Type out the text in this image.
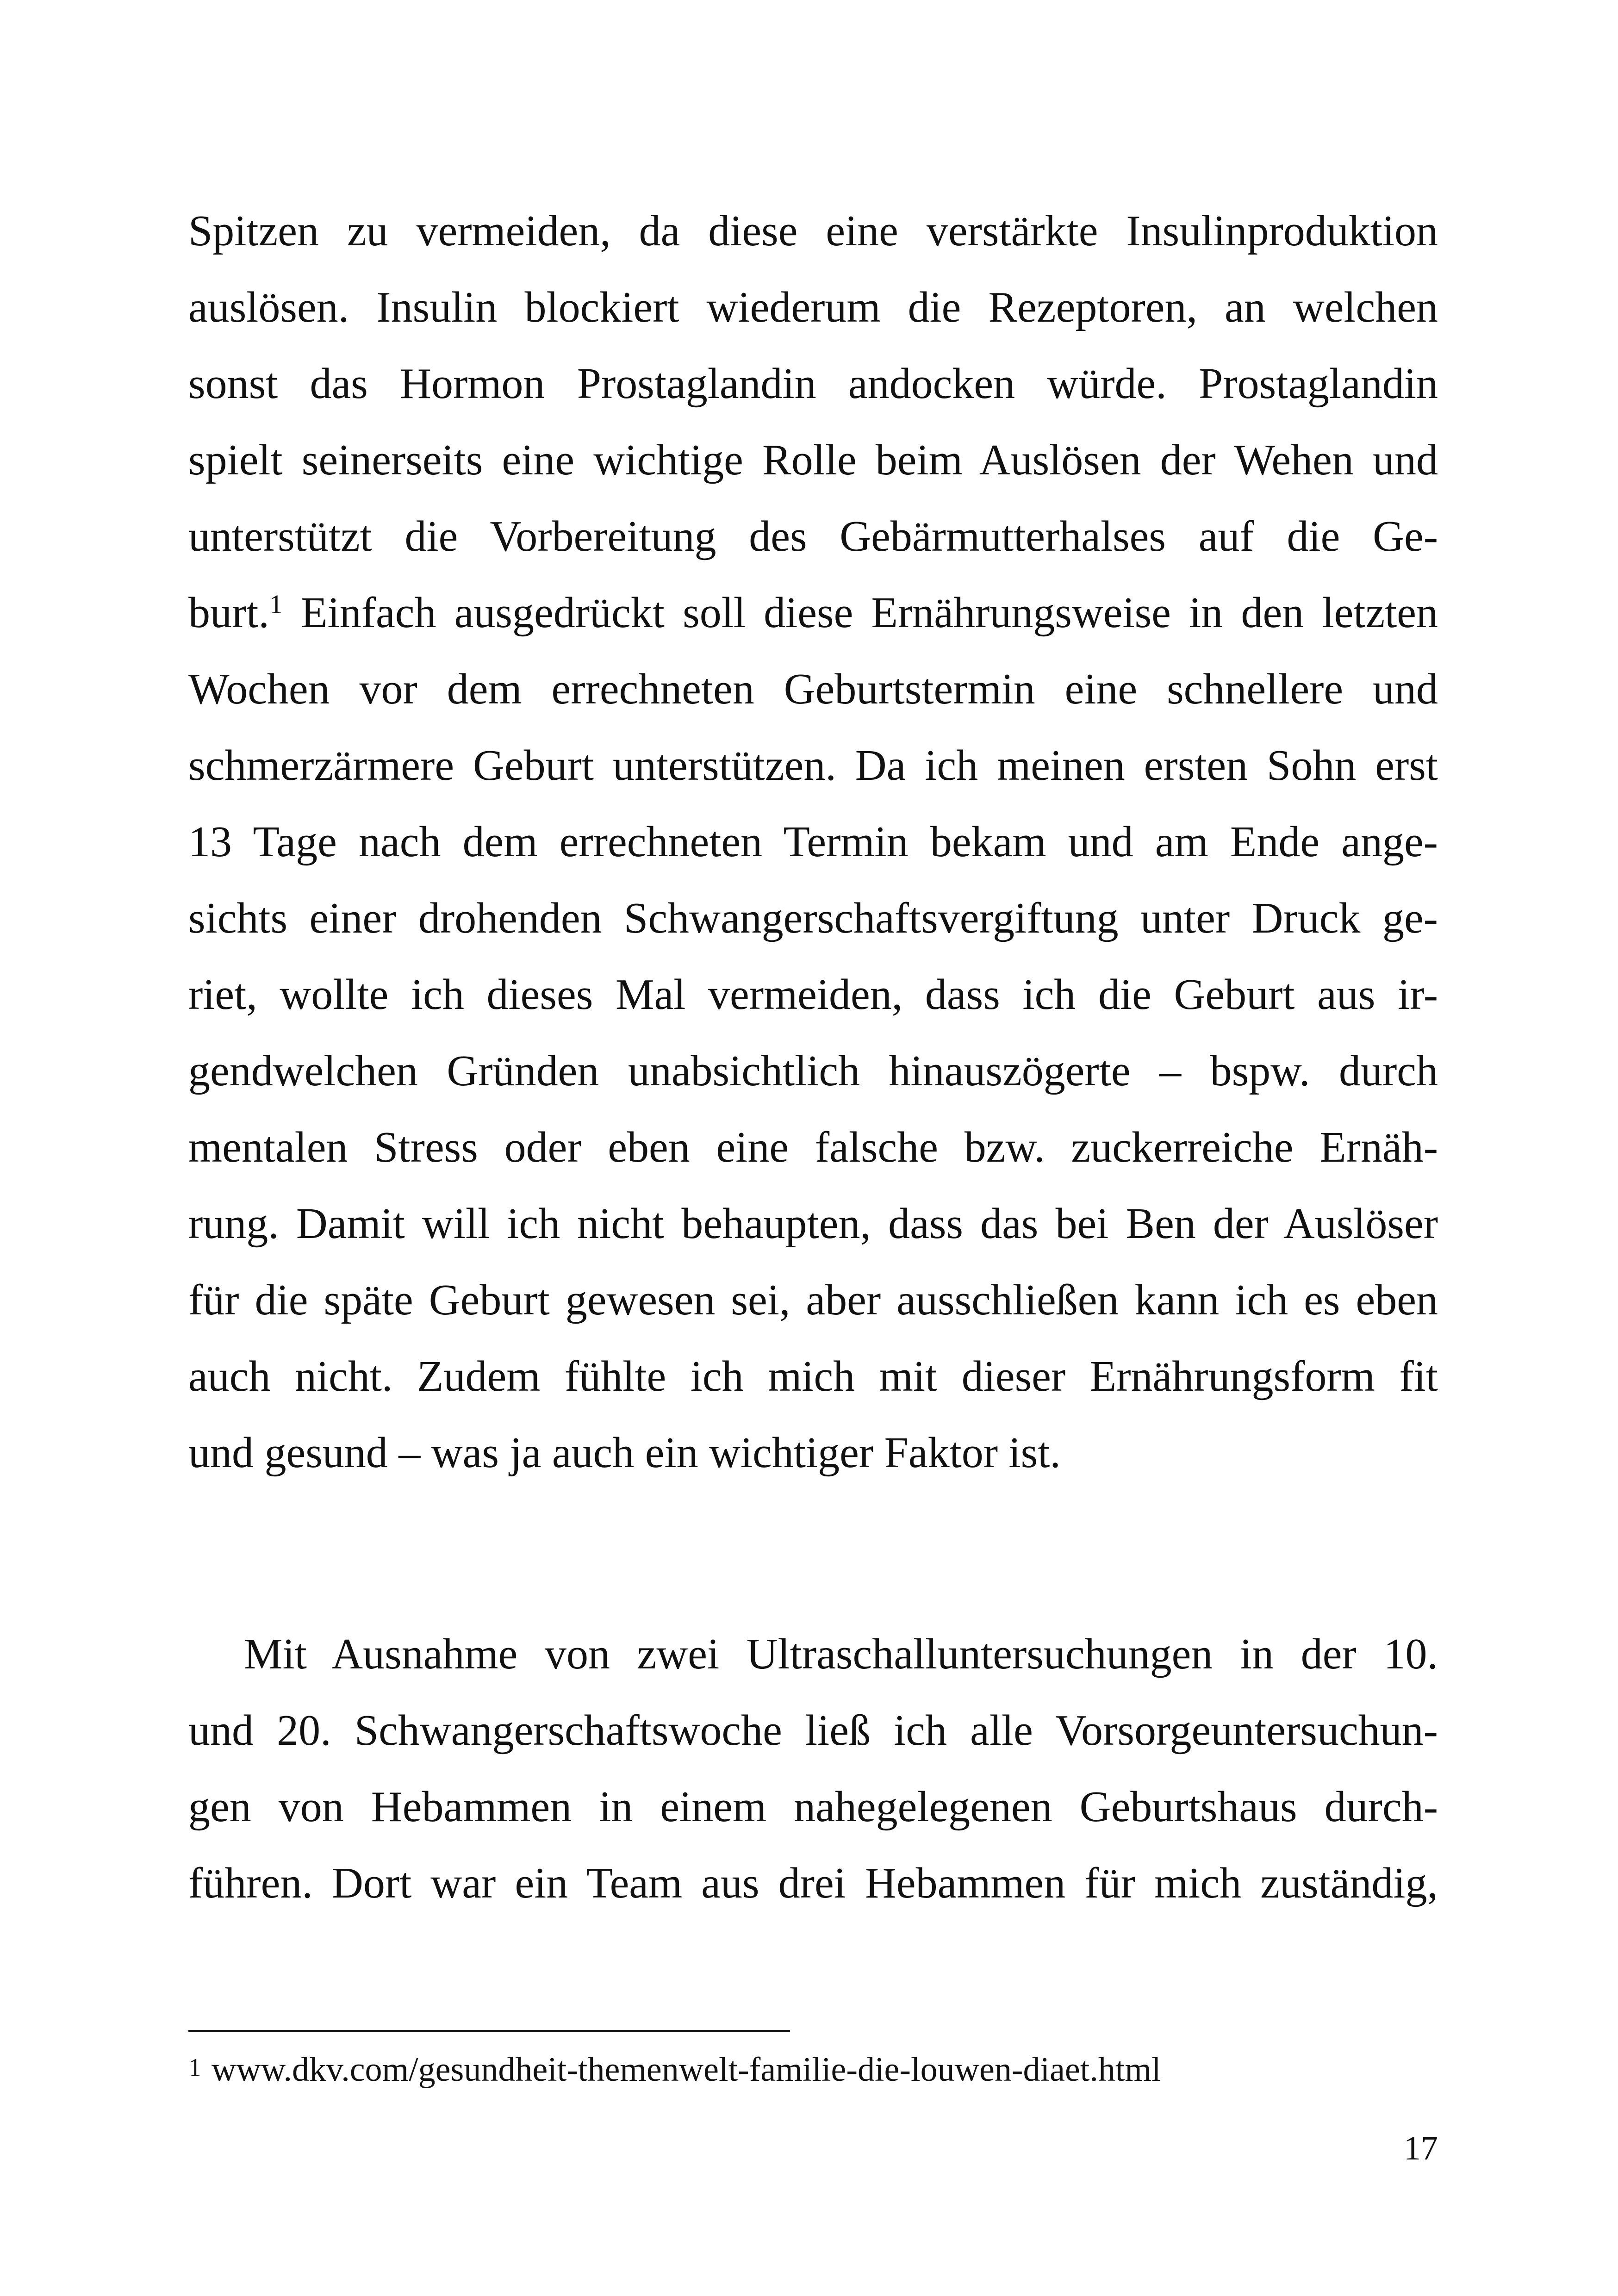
Spitzen zu vermeiden, da diese eine verstärkte Insulinproduktion
auslösen. Insulin blockiert wiederum die Rezeptoren, an welchen
sonst das Hormon Prostaglandin andocken würde. Prostaglandin
spielt seinerseits eine wichtige Rolle beim Auslösen der Wehen und
unterstützt die Vorbereitung des Gebärmutterhalses auf die Ge-
burt.$^1$ Einfach ausgedrückt soll diese Ernährungsweise in den letzten
Wochen vor dem errechneten Geburtstermin eine schnellere und
schmerzärmere Geburt unterstützen. Da ich meinen ersten Sohn erst
13 Tage nach dem errechneten Termin bekam und am Ende ange-
sichts einer drohenden Schwangerschaftsvergiftung unter Druck ge-
riet, wollte ich dieses Mal vermeiden, dass ich die Geburt aus ir-
gendwelchen Gründen unabsichtlich hinauszögerte – bspw. durch
mentalen Stress oder eben eine falsche bzw. zuckerreiche Ernäh-
rung. Damit will ich nicht behaupten, dass das bei Ben der Auslöser
für die späte Geburt gewesen sei, aber ausschließen kann ich es eben
auch nicht. Zudem fühlte ich mich mit dieser Ernährungsform fit
und gesund – was ja auch ein wichtiger Faktor ist.
Mit Ausnahme von zwei Ultraschalluntersuchungen in der 10.
und 20. Schwangerschaftswoche ließ ich alle Vorsorgeuntersuchun-
gen von Hebammen in einem nahegelegenen Geburtshaus durch-
führen. Dort war ein Team aus drei Hebammen für mich zuständig,
1 www.dkv.com/gesundheit-themenwelt-familie-die-louwen-diaet.html
17
